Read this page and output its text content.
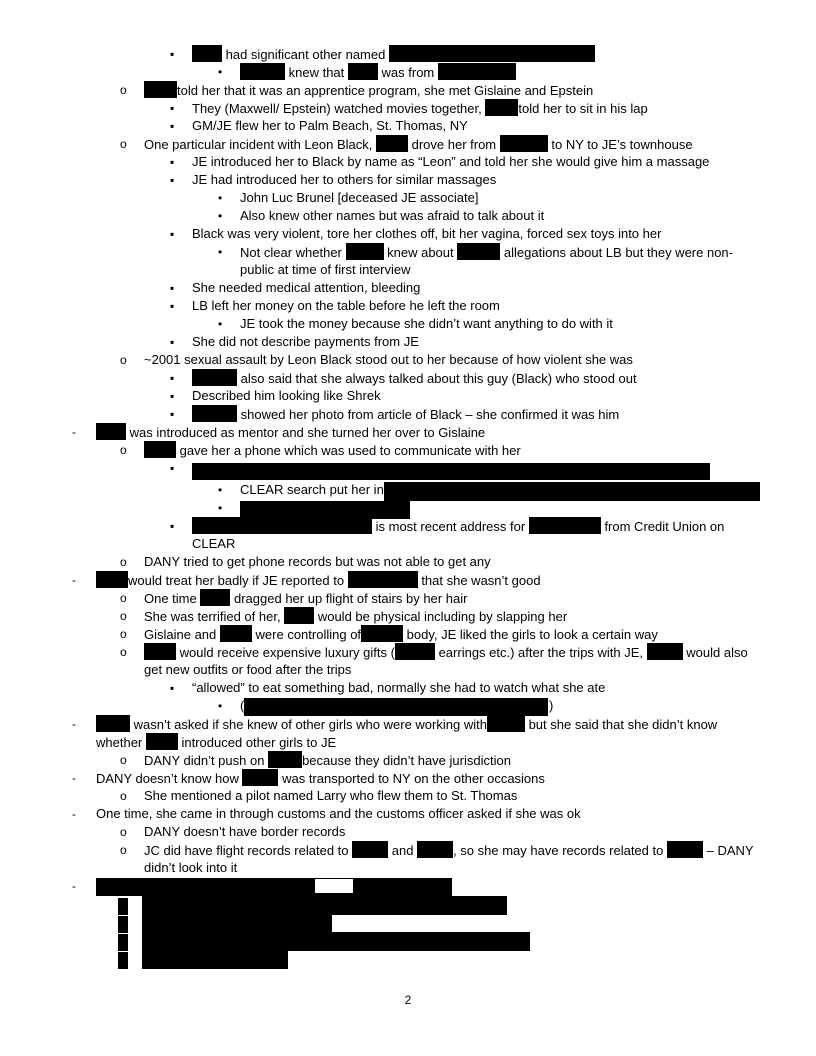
▪	had significant other named
•	knew that	was from
o	told her that it was an apprentice program, she met Gislaine and Epstein
▪ They (Maxwell/ Epstein) watched movies together,	told her to sit in his lap
▪ GM/JE flew her to Palm Beach, St. Thomas, NY
o One particular incident with Leon Black,	drove her from	to NY to JE’s townhouse
▪ JE introduced her to Black by name as “Leon” and told her she would give him a massage
▪ JE had introduced her to others for similar massages
• John Luc Brunel [deceased JE associate]
• Also knew other names but was afraid to talk about it
▪ Black was very violent, tore her clothes off, bit her vagina, forced sex toys into her
• Not clear whether	knew about	allegations about LB but they were non-
public at time of first interview
▪ She needed medical attention, bleeding
▪ LB left her money on the table before he left the room
• JE took the money because she didn’t want anything to do with it
▪ She did not describe payments from JE
o ~2001 sexual assault by Leon Black stood out to her because of how violent she was
▪	also said that she always talked about this guy (Black) who stood out
▪ Described him looking like Shrek
▪	showed her photo from article of Black – she confirmed it was him
-	was introduced as mentor and she turned her over to Gislaine
o	gave her a phone which was used to communicate with her
▪
• CLEAR search put her in
•
▪	is most recent address for	from Credit Union on
CLEAR
o DANY tried to get phone records but was not able to get any
-	would treat her badly if JE reported to	that she wasn’t good
o One time	dragged her up flight of stairs by her hair
o She was terrified of her,	would be physical including by slapping her
o Gislaine and	were controlling of	body, JE liked the girls to look a certain way
o	would receive expensive luxury gifts (	earrings etc.) after the trips with JE,	would also
get new outfits or food after the trips
▪ “allowed” to eat something bad, normally she had to watch what she ate
• (	)
-	wasn’t asked if she knew of other girls who were working with	but she said that she didn’t know
whether	introduced other girls to JE
o DANY didn’t push on	because they didn’t have jurisdiction
- DANY doesn’t know how	was transported to NY on the other occasions
o She mentioned a pilot named Larry who flew them to St. Thomas
- One time, she came in through customs and the customs officer asked if she was ok
o DANY doesn’t have border records
o JC did have flight records related to	and	, so she may have records related to	– DANY
didn’t look into it
-
2
